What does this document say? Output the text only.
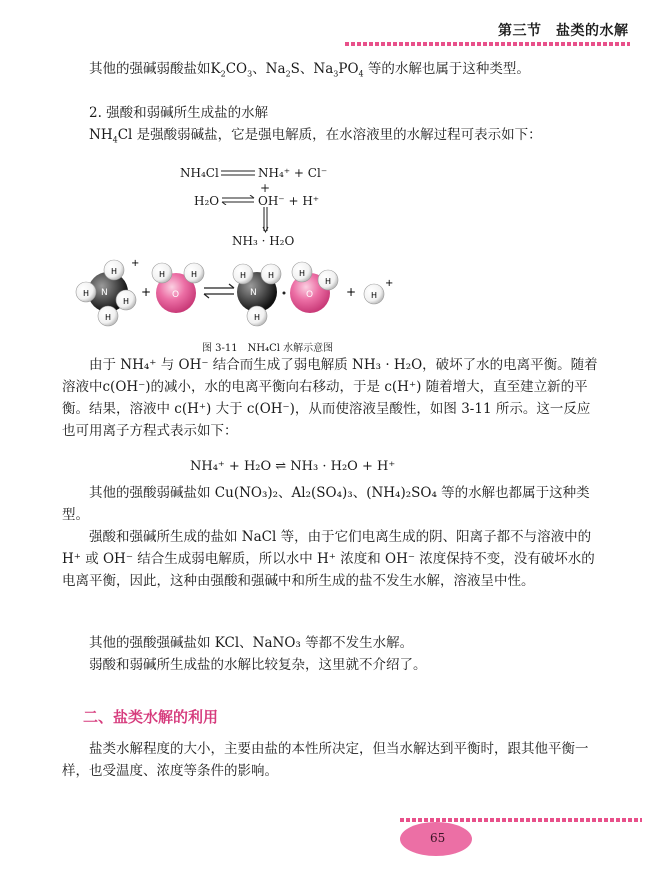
第三节　盐类的水解

其他的强碱弱酸盐如$K_2CO_3$、$Na_2S$、$Na_3PO_4$ 等的水解也属于这种类型。

2. 强酸和弱碱所生成盐的水解

$NH_4Cl$ 是强酸弱碱盐，它是强电解质，在水溶液里的水解过程可表示如下：

NH₄Cl	NH₄⁺ + Cl⁻
+
H₂O	OH⁻ + H⁺
NH₃ · H₂O
N
H
H
H
H
+
+ O
H	H
N
H	H
H
O
H
H
+ H
+
图 3-11　NH₄Cl 水解示意图

由于 NH₄⁺ 与 OH⁻ 结合而生成了弱电解质 NH₃ · H₂O，破坏了水的电离平衡。随着溶液中c(OH⁻)的减小，水的电离平衡向右移动，于是 c(H⁺) 随着增大，直至建立新的平衡。结果，溶液中 c(H⁺) 大于 c(OH⁻)，从而使溶液呈酸性，如图 3-11 所示。这一反应也可用离子方程式表示如下：

NH₄⁺ + H₂O ⇌ NH₃ · H₂O + H⁺

其他的强酸弱碱盐如 Cu(NO₃)₂、Al₂(SO₄)₃、(NH₄)₂SO₄ 等的水解也都属于这种类型。

强酸和强碱所生成的盐如 NaCl 等，由于它们电离生成的阴、阳离子都不与溶液中的 H⁺ 或 OH⁻ 结合生成弱电解质，所以水中 H⁺ 浓度和 OH⁻ 浓度保持不变，没有破坏水的电离平衡，因此，这种由强酸和强碱中和所生成的盐不发生水解，溶液呈中性。

其他的强酸强碱盐如 KCl、NaNO₃ 等都不发生水解。

弱酸和弱碱所生成盐的水解比较复杂，这里就不介绍了。

二、盐类水解的利用

盐类水解程度的大小，主要由盐的本性所决定，但当水解达到平衡时，跟其他平衡一样，也受温度、浓度等条件的影响。

65
